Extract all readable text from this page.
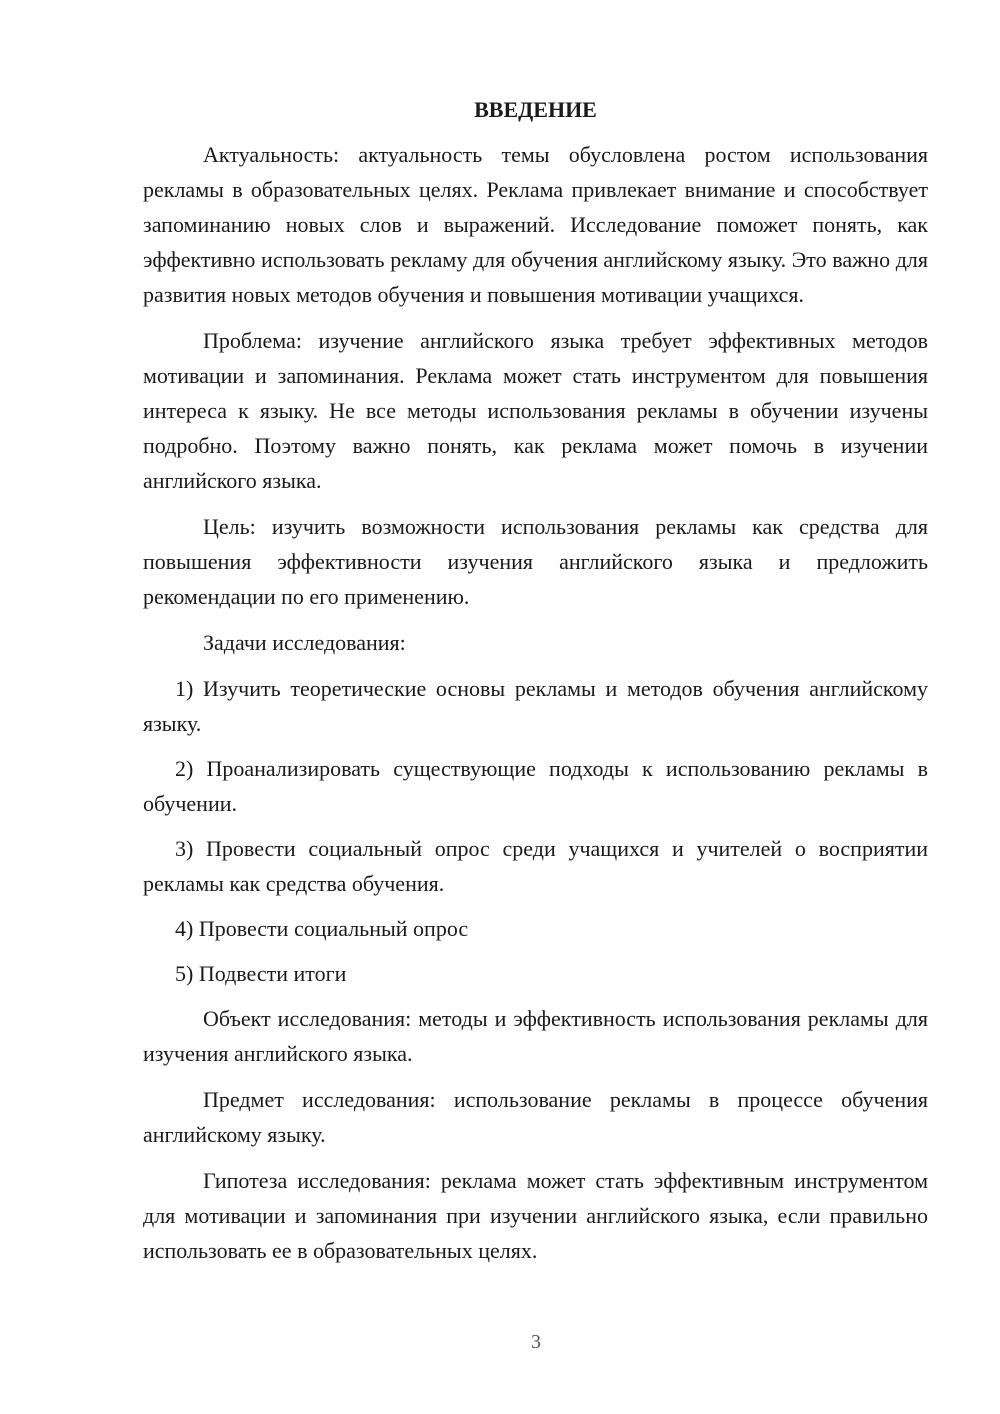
ВВЕДЕНИЕ

Актуальность: актуальность темы обусловлена ростом использования рекламы в образовательных целях. Реклама привлекает внимание и способствует запоминанию новых слов и выражений. Исследование поможет понять, как эффективно использовать рекламу для обучения английскому языку. Это важно для развития новых методов обучения и повышения мотивации учащихся.

Проблема: изучение английского языка требует эффективных методов мотивации и запоминания. Реклама может стать инструментом для повышения интереса к языку. Не все методы использования рекламы в обучении изучены подробно. Поэтому важно понять, как реклама может помочь в изучении английского языка.

Цель: изучить возможности использования рекламы как средства для повышения эффективности изучения английского языка и предложить рекомендации по его применению.

Задачи исследования:

1) Изучить теоретические основы рекламы и методов обучения английскому языку.

2) Проанализировать существующие подходы к использованию рекламы в обучении.

3) Провести социальный опрос среди учащихся и учителей о восприятии рекламы как средства обучения.

4) Провести социальный опрос

5) Подвести итоги

Объект исследования: методы и эффективность использования рекламы для изучения английского языка.

Предмет исследования: использование рекламы в процессе обучения английскому языку.

Гипотеза исследования: реклама может стать эффективным инструментом для мотивации и запоминания при изучении английского языка, если правильно использовать ее в образовательных целях.

3
